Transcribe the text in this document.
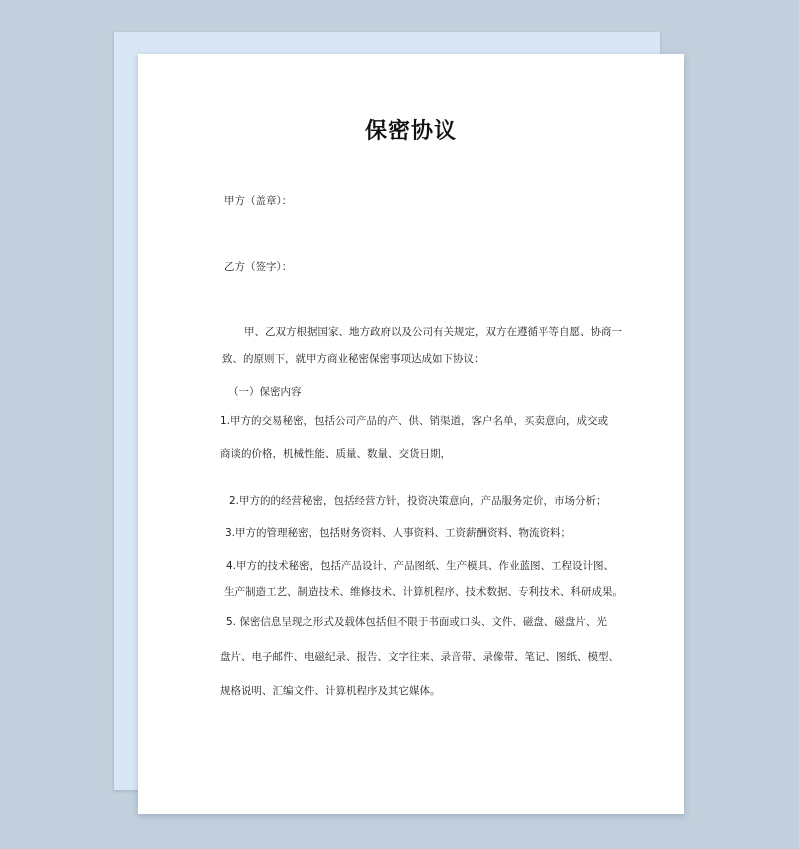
保密协议
甲方（盖章）：
乙方（签字）：
甲、乙双方根据国家、地方政府以及公司有关规定，双方在遵循平等自愿、协商一
致、的原则下，就甲方商业秘密保密事项达成如下协议：
（一）保密内容
1.甲方的交易秘密，包括公司产品的产、供、销渠道，客户名单，买卖意向，成交或
商谈的价格，机械性能、质量、数量、交货日期，
2.甲方的的经营秘密，包括经营方针，投资决策意向，产品服务定价，市场分析；
3.甲方的管理秘密，包括财务资料、人事资料、工资薪酬资料、物流资料；
4.甲方的技术秘密，包括产品设计、产品图纸、生产模具、作业蓝图、工程设计图、
生产制造工艺、制造技术、维修技术、计算机程序、技术数据、专利技术、科研成果。
5. 保密信息呈现之形式及载体包括但不限于书面或口头、文件、磁盘、磁盘片、光
盘片、电子邮件、电磁纪录、报告、文字往来、录音带、录像带、笔记、图纸、模型、
规格说明、汇编文件、计算机程序及其它媒体。
